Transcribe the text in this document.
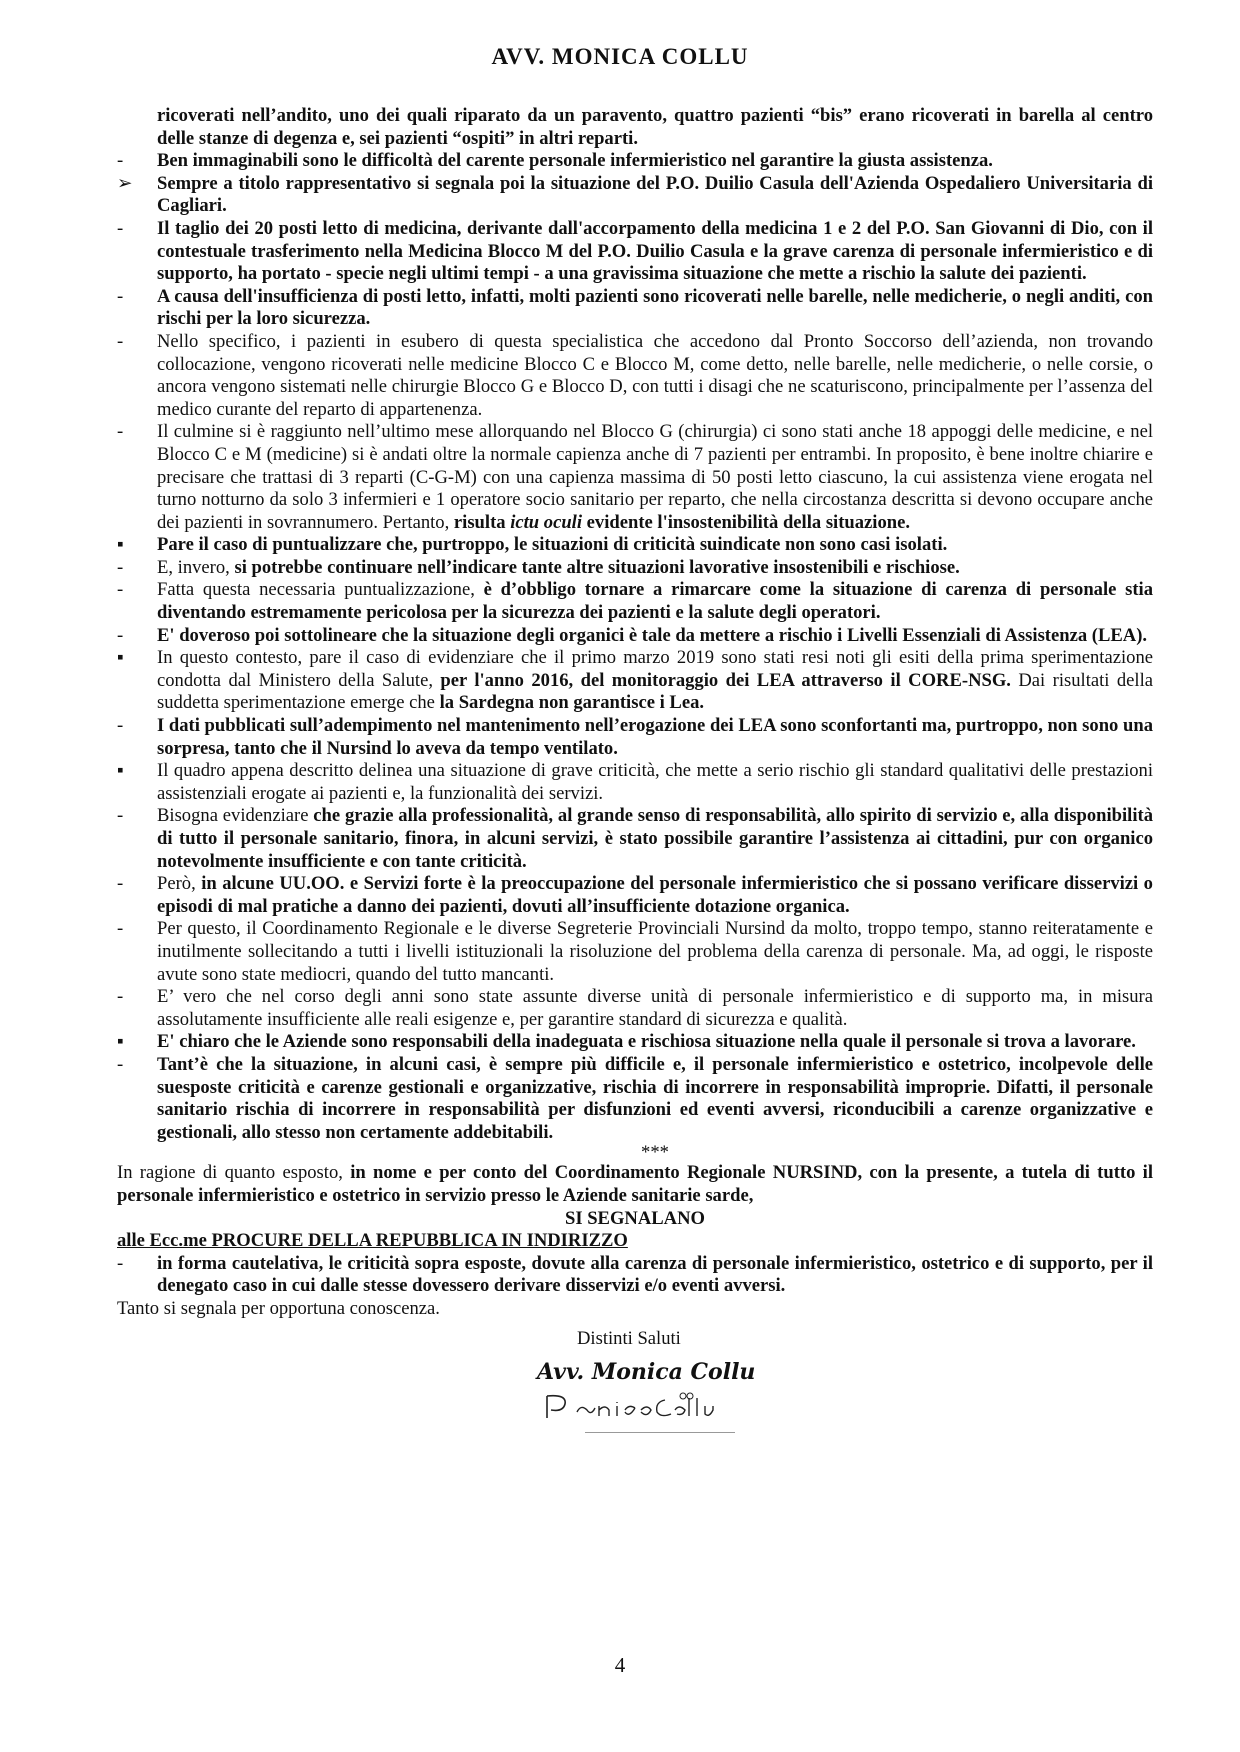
AVV. MONICA COLLU
ricoverati nell’andito, uno dei quali riparato da un paravento, quattro pazienti “bis” erano ricoverati in barella al centro delle stanze di degenza e, sei pazienti “ospiti” in altri reparti.
-	Ben immaginabili sono le difficoltà del carente personale infermieristico nel garantire la giusta assistenza.
➢ Sempre a titolo rappresentativo si segnala poi la situazione del P.O. Duilio Casula dell'Azienda Ospedaliero Universitaria di Cagliari.
-	Il taglio dei 20 posti letto di medicina, derivante dall'accorpamento della medicina 1 e 2 del P.O. San Giovanni di Dio, con il contestuale trasferimento nella Medicina Blocco M del P.O. Duilio Casula e la grave carenza di personale infermieristico e di supporto, ha portato - specie negli ultimi tempi - a una gravissima situazione che mette a rischio la salute dei pazienti.
-	A causa dell'insufficienza di posti letto, infatti, molti pazienti sono ricoverati nelle barelle, nelle medicherie, o negli anditi, con rischi per la loro sicurezza.
-	Nello specifico, i pazienti in esubero di questa specialistica che accedono dal Pronto Soccorso dell’azienda, non trovando collocazione, vengono ricoverati nelle medicine Blocco C e Blocco M, come detto, nelle barelle, nelle medicherie, o nelle corsie, o ancora vengono sistemati nelle chirurgie Blocco G e Blocco D, con tutti i disagi che ne scaturiscono, principalmente per l’assenza del medico curante del reparto di appartenenza.
-	Il culmine si è raggiunto nell’ultimo mese allorquando nel Blocco G (chirurgia) ci sono stati anche 18 appoggi delle medicine, e nel Blocco C e M (medicine) si è andati oltre la normale capienza anche di 7 pazienti per entrambi. In proposito, è bene inoltre chiarire e precisare che trattasi di 3 reparti (C-G-M) con una capienza massima di 50 posti letto ciascuno, la cui assistenza viene erogata nel turno notturno da solo 3 infermieri e 1 operatore socio sanitario per reparto, che nella circostanza descritta si devono occupare anche dei pazienti in sovrannumero. Pertanto, risulta ictu oculi evidente l'insostenibilità della situazione.
▪	Pare il caso di puntualizzare che, purtroppo, le situazioni di criticità suindicate non sono casi isolati.
-	E, invero, si potrebbe continuare nell’indicare tante altre situazioni lavorative insostenibili e rischiose.
-	Fatta questa necessaria puntualizzazione, è d’obbligo tornare a rimarcare come la situazione di carenza di personale stia diventando estremamente pericolosa per la sicurezza dei pazienti e la salute degli operatori.
-	E' doveroso poi sottolineare che la situazione degli organici è tale da mettere a rischio i Livelli Essenziali di Assistenza (LEA).
▪	In questo contesto, pare il caso di evidenziare che il primo marzo 2019 sono stati resi noti gli esiti della prima sperimentazione condotta dal Ministero della Salute, per l'anno 2016, del monitoraggio dei LEA attraverso il CORE-NSG. Dai risultati della suddetta sperimentazione emerge che la Sardegna non garantisce i Lea.
-	I dati pubblicati sull’adempimento nel mantenimento nell’erogazione dei LEA sono sconfortanti ma, purtroppo, non sono una sorpresa, tanto che il Nursind lo aveva da tempo ventilato.
▪	Il quadro appena descritto delinea una situazione di grave criticità, che mette a serio rischio gli standard qualitativi delle prestazioni assistenziali erogate ai pazienti e, la funzionalità dei servizi.
-	Bisogna evidenziare che grazie alla professionalità, al grande senso di responsabilità, allo spirito di servizio e, alla disponibilità di tutto il personale sanitario, finora, in alcuni servizi, è stato possibile garantire l’assistenza ai cittadini, pur con organico notevolmente insufficiente e con tante criticità.
-	Però, in alcune UU.OO. e Servizi forte è la preoccupazione del personale infermieristico che si possano verificare disservizi o episodi di mal pratiche a danno dei pazienti, dovuti all’insufficiente dotazione organica.
-	Per questo, il Coordinamento Regionale e le diverse Segreterie Provinciali Nursind da molto, troppo tempo, stanno reiteratamente e inutilmente sollecitando a tutti i livelli istituzionali la risoluzione del problema della carenza di personale. Ma, ad oggi, le risposte avute sono state mediocri, quando del tutto mancanti.
-	E’ vero che nel corso degli anni sono state assunte diverse unità di personale infermieristico e di supporto ma, in misura assolutamente insufficiente alle reali esigenze e, per garantire standard di sicurezza e qualità.
▪	E' chiaro che le Aziende sono responsabili della inadeguata e rischiosa situazione nella quale il personale si trova a lavorare.
-	Tant’è che la situazione, in alcuni casi, è sempre più difficile e, il personale infermieristico e ostetrico, incolpevole delle suesposte criticità e carenze gestionali e organizzative, rischia di incorrere in responsabilità improprie. Difatti, il personale sanitario rischia di incorrere in responsabilità per disfunzioni ed eventi avversi, riconducibili a carenze organizzative e gestionali, allo stesso non certamente addebitabili.
***
In ragione di quanto esposto, in nome e per conto del Coordinamento Regionale NURSIND, con la presente, a tutela di tutto il personale infermieristico e ostetrico in servizio presso le Aziende sanitarie sarde,
SI SEGNALANO
alle Ecc.me PROCURE DELLA REPUBBLICA IN INDIRIZZO
-	in forma cautelativa, le criticità sopra esposte, dovute alla carenza di personale infermieristico, ostetrico e di supporto, per il denegato caso in cui dalle stesse dovessero derivare disservizi e/o eventi avversi.
Tanto si segnala per opportuna conoscenza.
Distinti Saluti
Avv. Monica Collu
4
